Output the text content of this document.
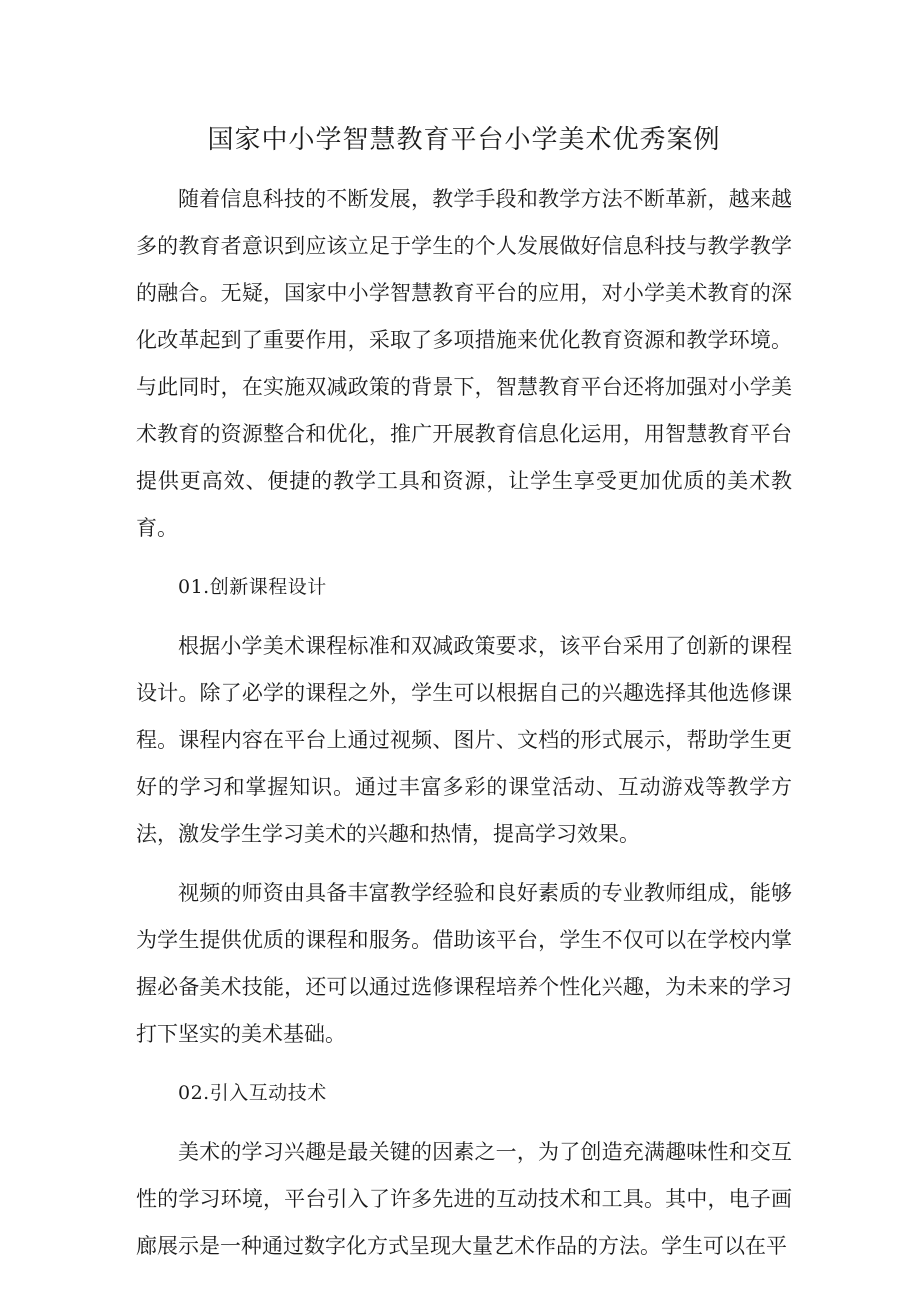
国家中小学智慧教育平台小学美术优秀案例

随着信息科技的不断发展，教学手段和教学方法不断革新，越来越多的教育者意识到应该立足于学生的个人发展做好信息科技与教学教学的融合。无疑，国家中小学智慧教育平台的应用，对小学美术教育的深化改革起到了重要作用，采取了多项措施来优化教育资源和教学环境。与此同时，在实施双减政策的背景下，智慧教育平台还将加强对小学美术教育的资源整合和优化，推广开展教育信息化运用，用智慧教育平台提供更高效、便捷的教学工具和资源，让学生享受更加优质的美术教育。

01.创新课程设计

根据小学美术课程标准和双减政策要求，该平台采用了创新的课程设计。除了必学的课程之外，学生可以根据自己的兴趣选择其他选修课程。课程内容在平台上通过视频、图片、文档的形式展示，帮助学生更好的学习和掌握知识。通过丰富多彩的课堂活动、互动游戏等教学方法，激发学生学习美术的兴趣和热情，提高学习效果。

视频的师资由具备丰富教学经验和良好素质的专业教师组成，能够为学生提供优质的课程和服务。借助该平台，学生不仅可以在学校内掌握必备美术技能，还可以通过选修课程培养个性化兴趣，为未来的学习打下坚实的美术基础。

02.引入互动技术

美术的学习兴趣是最关键的因素之一，为了创造充满趣味性和交互性的学习环境，平台引入了许多先进的互动技术和工具。其中，电子画廊展示是一种通过数字化方式呈现大量艺术作品的方法。学生可以在平
